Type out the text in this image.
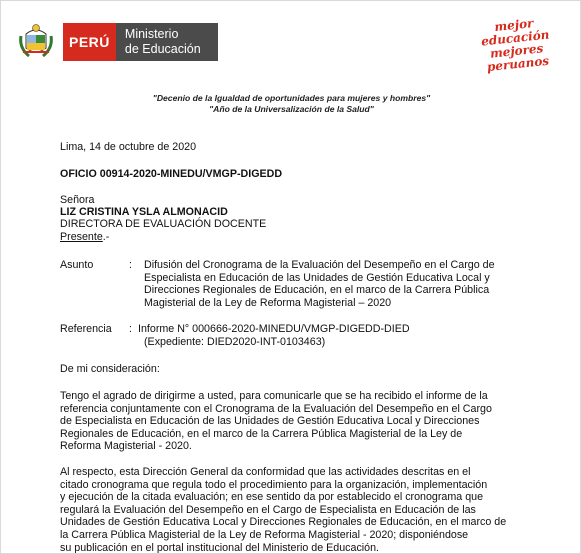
PERÚ	Ministerio
de Educación
mejor educación mejores peruanos
"Decenio de la Igualdad de oportunidades para mujeres y hombres"
"Año de la Universalización de la Salud"
Lima, 14 de octubre de 2020
OFICIO 00914-2020-MINEDU/VMGP-DIGEDD
Señora
LIZ CRISTINA YSLA ALMONACID
DIRECTORA DE EVALUACIÓN DOCENTE
Presente.-
Asunto	: Difusión del Cronograma de la Evaluación del Desempeño en el Cargo de
Especialista en Educación de las Unidades de Gestión Educativa Local y
Direcciones Regionales de Educación, en el marco de la Carrera Pública
Magisterial de la Ley de Reforma Magisterial – 2020
Referencia : Informe N° 000666-2020-MINEDU/VMGP-DIGEDD-DIED
(Expediente: DIED2020-INT-0103463)
De mi consideración:
Tengo el agrado de dirigirme a usted, para comunicarle que se ha recibido el informe de la
referencia conjuntamente con el Cronograma de la Evaluación del Desempeño en el Cargo
de Especialista en Educación de las Unidades de Gestión Educativa Local y Direcciones
Regionales de Educación, en el marco de la Carrera Pública Magisterial de la Ley de
Reforma Magisterial - 2020.
Al respecto, esta Dirección General da conformidad que las actividades descritas en el
citado cronograma que regula todo el procedimiento para la organización, implementación
y ejecución de la citada evaluación; en ese sentido da por establecido el cronograma que
regulará la Evaluación del Desempeño en el Cargo de Especialista en Educación de las
Unidades de Gestión Educativa Local y Direcciones Regionales de Educación, en el marco de
la Carrera Pública Magisterial de la Ley de Reforma Magisterial - 2020; disponiéndose
su publicación en el portal institucional del Ministerio de Educación.
